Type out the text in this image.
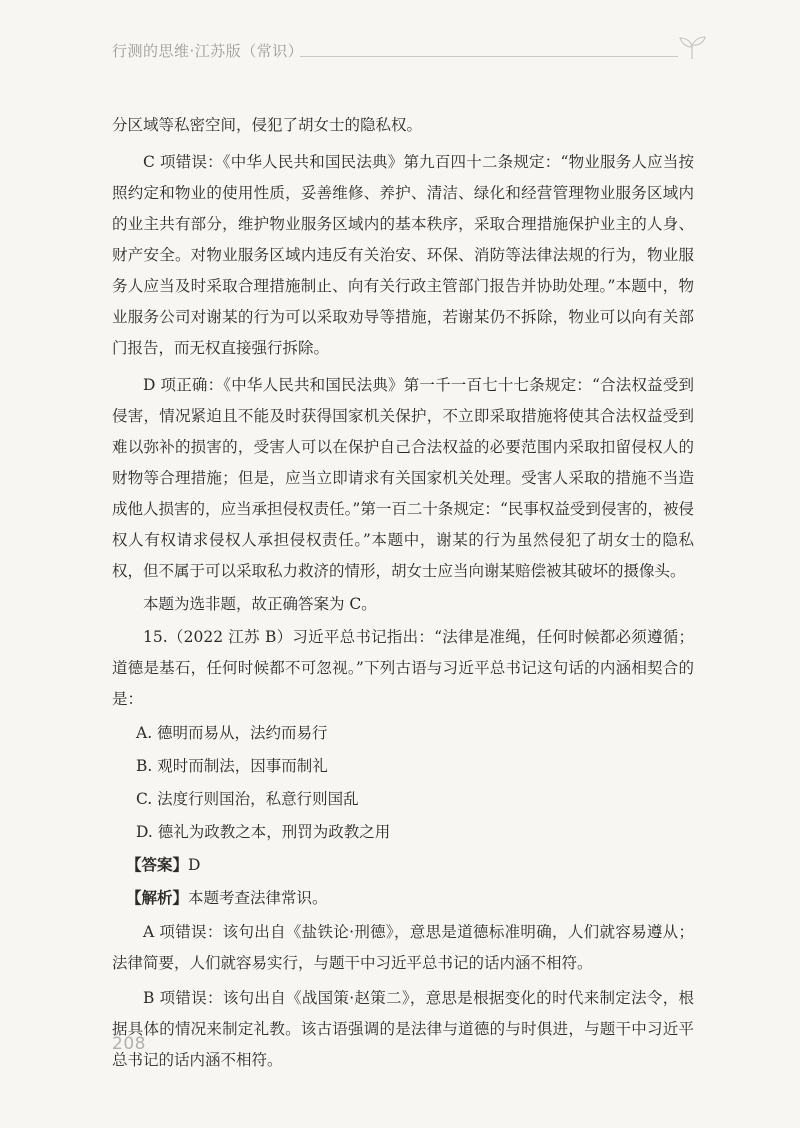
行测的思维·江苏版（常识）

分区域等私密空间，侵犯了胡女士的隐私权。

C 项错误：《中华人民共和国民法典》第九百四十二条规定：“物业服务人应当按照约定和物业的使用性质，妥善维修、养护、清洁、绿化和经营管理物业服务区域内的业主共有部分，维护物业服务区域内的基本秩序，采取合理措施保护业主的人身、财产安全。对物业服务区域内违反有关治安、环保、消防等法律法规的行为，物业服务人应当及时采取合理措施制止、向有关行政主管部门报告并协助处理。”本题中，物业服务公司对谢某的行为可以采取劝导等措施，若谢某仍不拆除，物业可以向有关部门报告，而无权直接强行拆除。

D 项正确：《中华人民共和国民法典》第一千一百七十七条规定：“合法权益受到侵害，情况紧迫且不能及时获得国家机关保护，不立即采取措施将使其合法权益受到难以弥补的损害的，受害人可以在保护自己合法权益的必要范围内采取扣留侵权人的财物等合理措施；但是，应当立即请求有关国家机关处理。受害人采取的措施不当造成他人损害的，应当承担侵权责任。”第一百二十条规定：“民事权益受到侵害的，被侵权人有权请求侵权人承担侵权责任。”本题中，谢某的行为虽然侵犯了胡女士的隐私权，但不属于可以采取私力救济的情形，胡女士应当向谢某赔偿被其破坏的摄像头。

本题为选非题，故正确答案为 C。

15.（2022 江苏 B）习近平总书记指出：“法律是准绳，任何时候都必须遵循；道德是基石，任何时候都不可忽视。”下列古语与习近平总书记这句话的内涵相契合的是：

A. 德明而易从，法约而易行

B. 观时而制法，因事而制礼

C. 法度行则国治，私意行则国乱

D. 德礼为政教之本，刑罚为政教之用

【答案】D

【解析】本题考查法律常识。

A 项错误：该句出自《盐铁论·刑德》，意思是道德标准明确，人们就容易遵从；法律简要，人们就容易实行，与题干中习近平总书记的话内涵不相符。

B 项错误：该句出自《战国策·赵策二》，意思是根据变化的时代来制定法令，根据具体的情况来制定礼教。该古语强调的是法律与道德的与时俱进，与题干中习近平总书记的话内涵不相符。

208
